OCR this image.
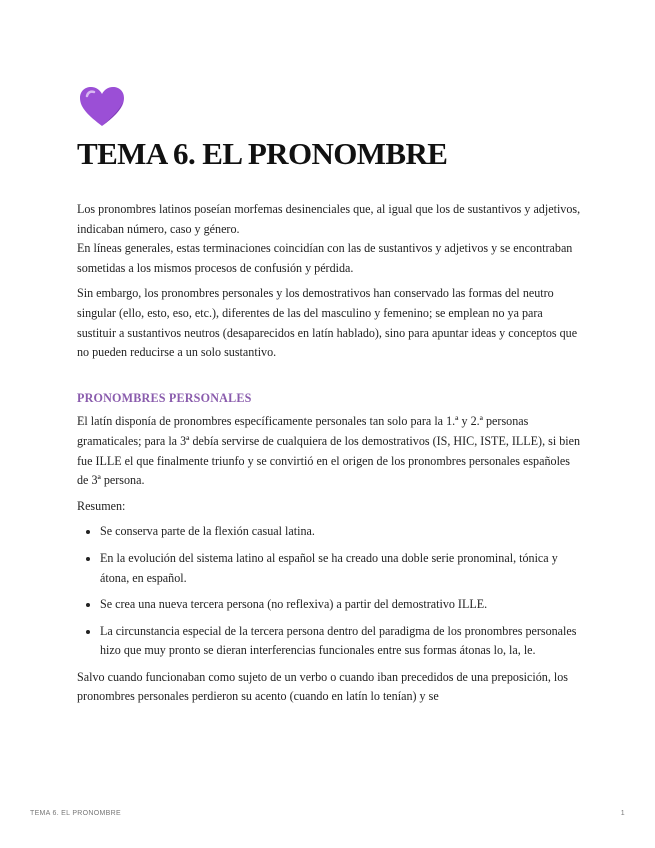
TEMA 6. EL PRONOMBRE

Los pronombres latinos poseían morfemas desinenciales que, al igual que los de sustantivos y adjetivos, indicaban número, caso y género.
En líneas generales, estas terminaciones coincidían con las de sustantivos y adjetivos y se encontraban sometidas a los mismos procesos de confusión y pérdida.

Sin embargo, los pronombres personales y los demostrativos han conservado las formas del neutro singular (ello, esto, eso, etc.), diferentes de las del masculino y femenino; se emplean no ya para sustituir a sustantivos neutros (desaparecidos en latín hablado), sino para apuntar ideas y conceptos que no pueden reducirse a un solo sustantivo.

PRONOMBRES PERSONALES

El latín disponía de pronombres específicamente personales tan solo para la 1.ª y 2.ª personas gramaticales; para la 3ª debía servirse de cualquiera de los demostrativos (IS, HIC, ISTE, ILLE), si bien fue ILLE el que finalmente triunfo y se convirtió en el origen de los pronombres personales españoles de 3ª persona.

Resumen:

• Se conserva parte de la flexión casual latina.
• En la evolución del sistema latino al español se ha creado una doble serie pronominal, tónica y átona, en español.
• Se crea una nueva tercera persona (no reflexiva) a partir del demostrativo ILLE.
• La circunstancia especial de la tercera persona dentro del paradigma de los pronombres personales hizo que muy pronto se dieran interferencias funcionales entre sus formas átonas lo, la, le.

Salvo cuando funcionaban como sujeto de un verbo o cuando iban precedidos de una preposición, los pronombres personales perdieron su acento (cuando en latín lo tenían) y se

TEMA 6. EL PRONOMBRE	1
